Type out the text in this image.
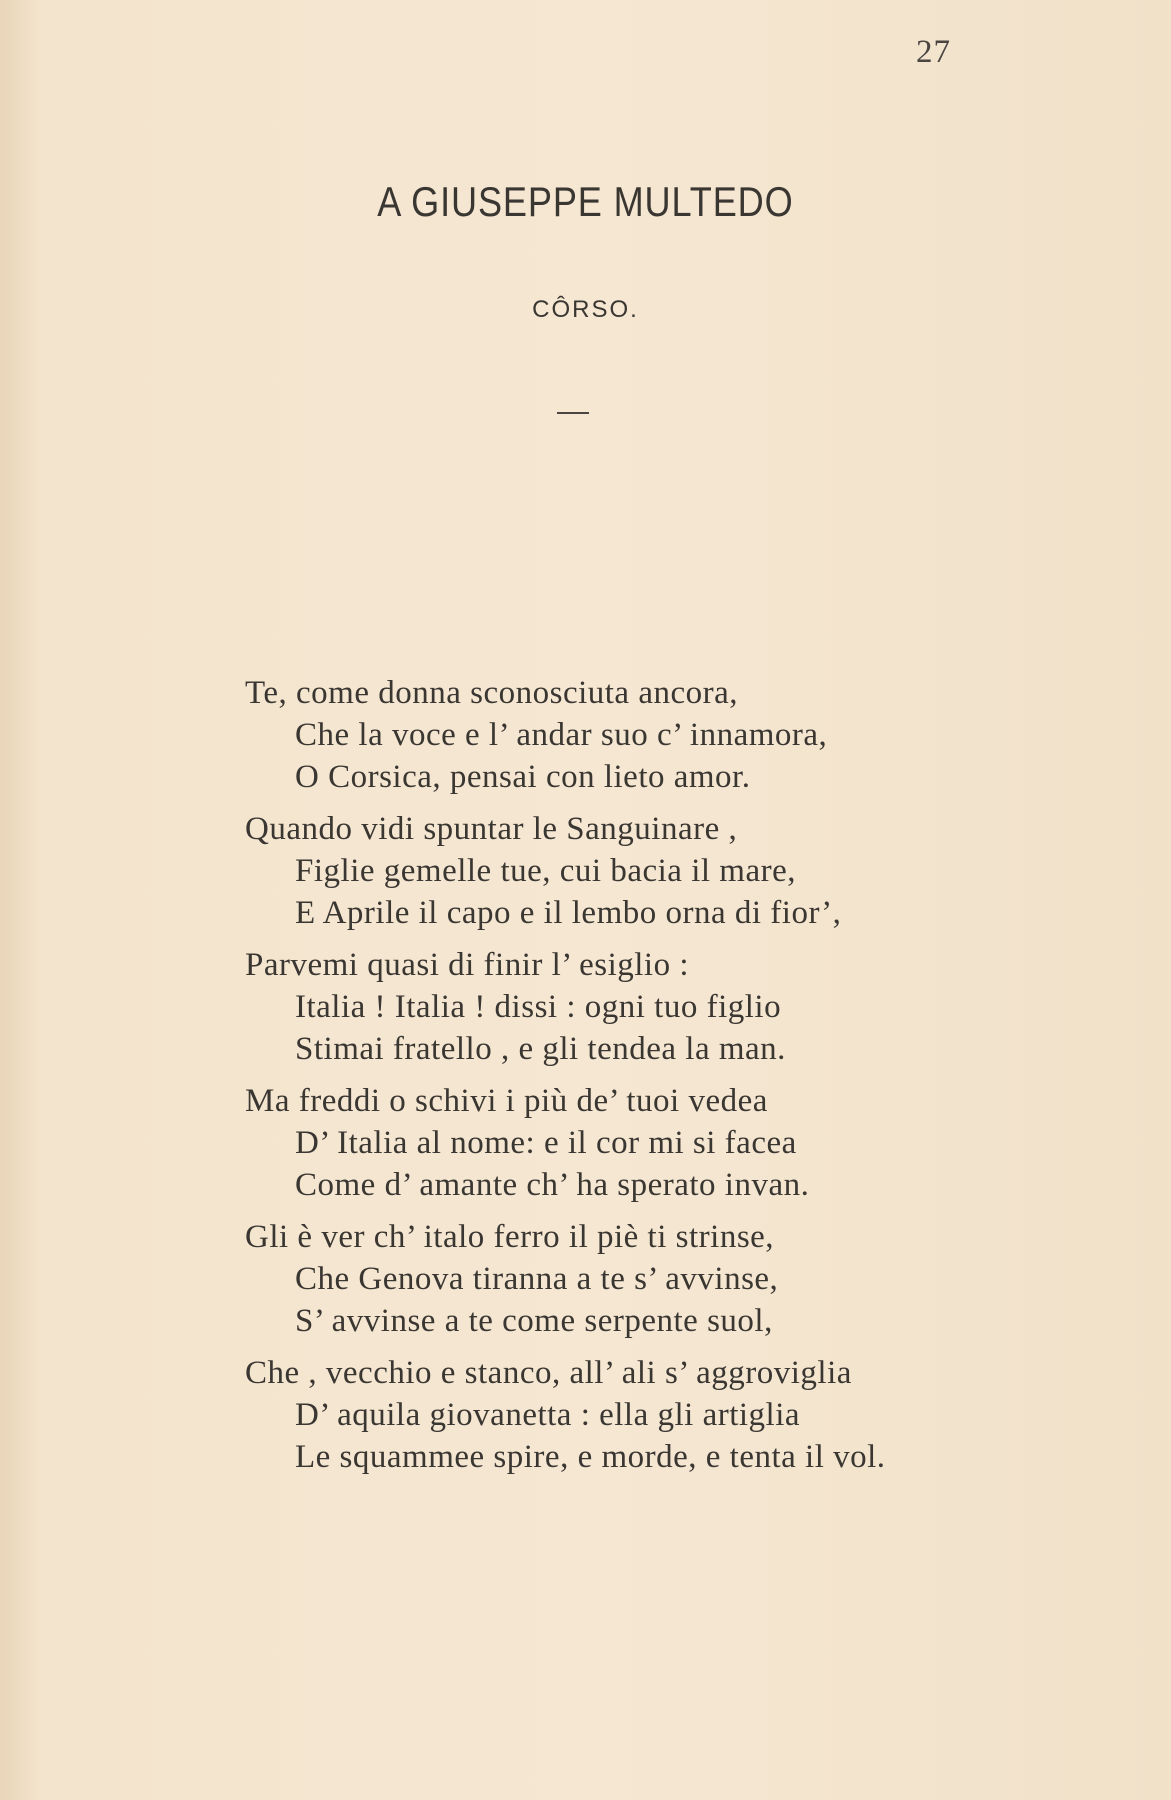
27
A GIUSEPPE MULTEDO
CÔRSO.
Te, come donna sconosciuta ancora,
Che la voce e l’ andar suo c’ innamora,
O Corsica, pensai con lieto amor.
Quando vidi spuntar le Sanguinare ,
Figlie gemelle tue, cui bacia il mare,
E Aprile il capo e il lembo orna di fior’,
Parvemi quasi di finir l’ esiglio :
Italia ! Italia ! dissi : ogni tuo figlio
Stimai fratello , e gli tendea la man.
Ma freddi o schivi i più de’ tuoi vedea
D’ Italia al nome: e il cor mi si facea
Come d’ amante ch’ ha sperato invan.
Gli è ver ch’ italo ferro il piè ti strinse,
Che Genova tiranna a te s’ avvinse,
S’ avvinse a te come serpente suol,
Che , vecchio e stanco, all’ ali s’ aggroviglia
D’ aquila giovanetta : ella gli artiglia
Le squammee spire, e morde, e tenta il vol.
